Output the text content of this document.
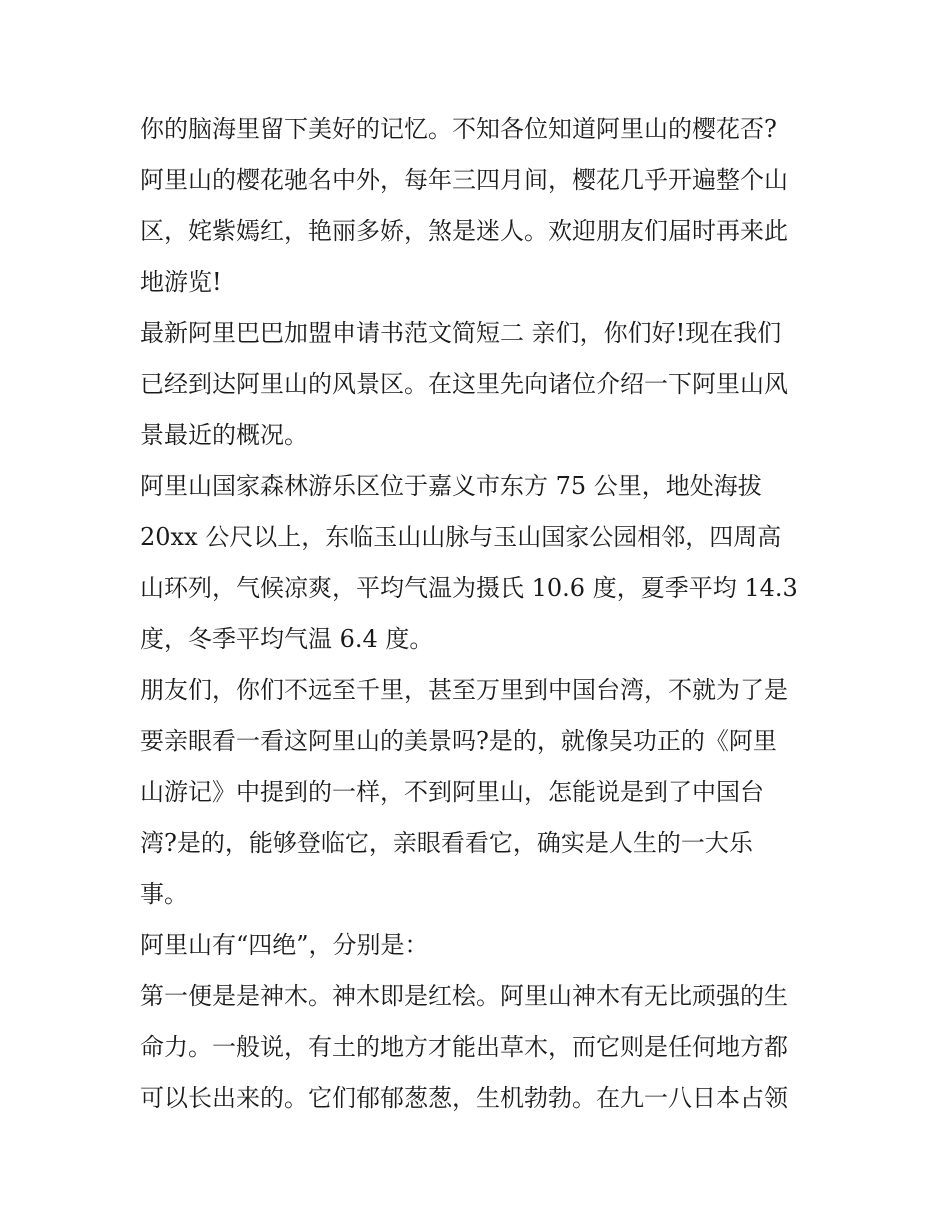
你的脑海里留下美好的记忆。不知各位知道阿里山的樱花否?
阿里山的樱花驰名中外，每年三四月间，樱花几乎开遍整个山
区，姹紫嫣红，艳丽多娇，煞是迷人。欢迎朋友们届时再来此
地游览!
最新阿里巴巴加盟申请书范文简短二 亲们，你们好!现在我们
已经到达阿里山的风景区。在这里先向诸位介绍一下阿里山风
景最近的概况。
阿里山国家森林游乐区位于嘉义市东方 75 公里，地处海拔
20xx 公尺以上，东临玉山山脉与玉山国家公园相邻，四周高
山环列，气候凉爽，平均气温为摄氏 10.6 度，夏季平均 14.3
度，冬季平均气温 6.4 度。
朋友们，你们不远至千里，甚至万里到中国台湾，不就为了是
要亲眼看一看这阿里山的美景吗?是的，就像吴功正的《阿里
山游记》中提到的一样，不到阿里山，怎能说是到了中国台
湾?是的，能够登临它，亲眼看看它，确实是人生的一大乐
事。
阿里山有“四绝”，分别是：
第一便是是神木。神木即是红桧。阿里山神木有无比顽强的生
命力。一般说，有土的地方才能出草木，而它则是任何地方都
可以长出来的。它们郁郁葱葱，生机勃勃。在九一八日本占领
